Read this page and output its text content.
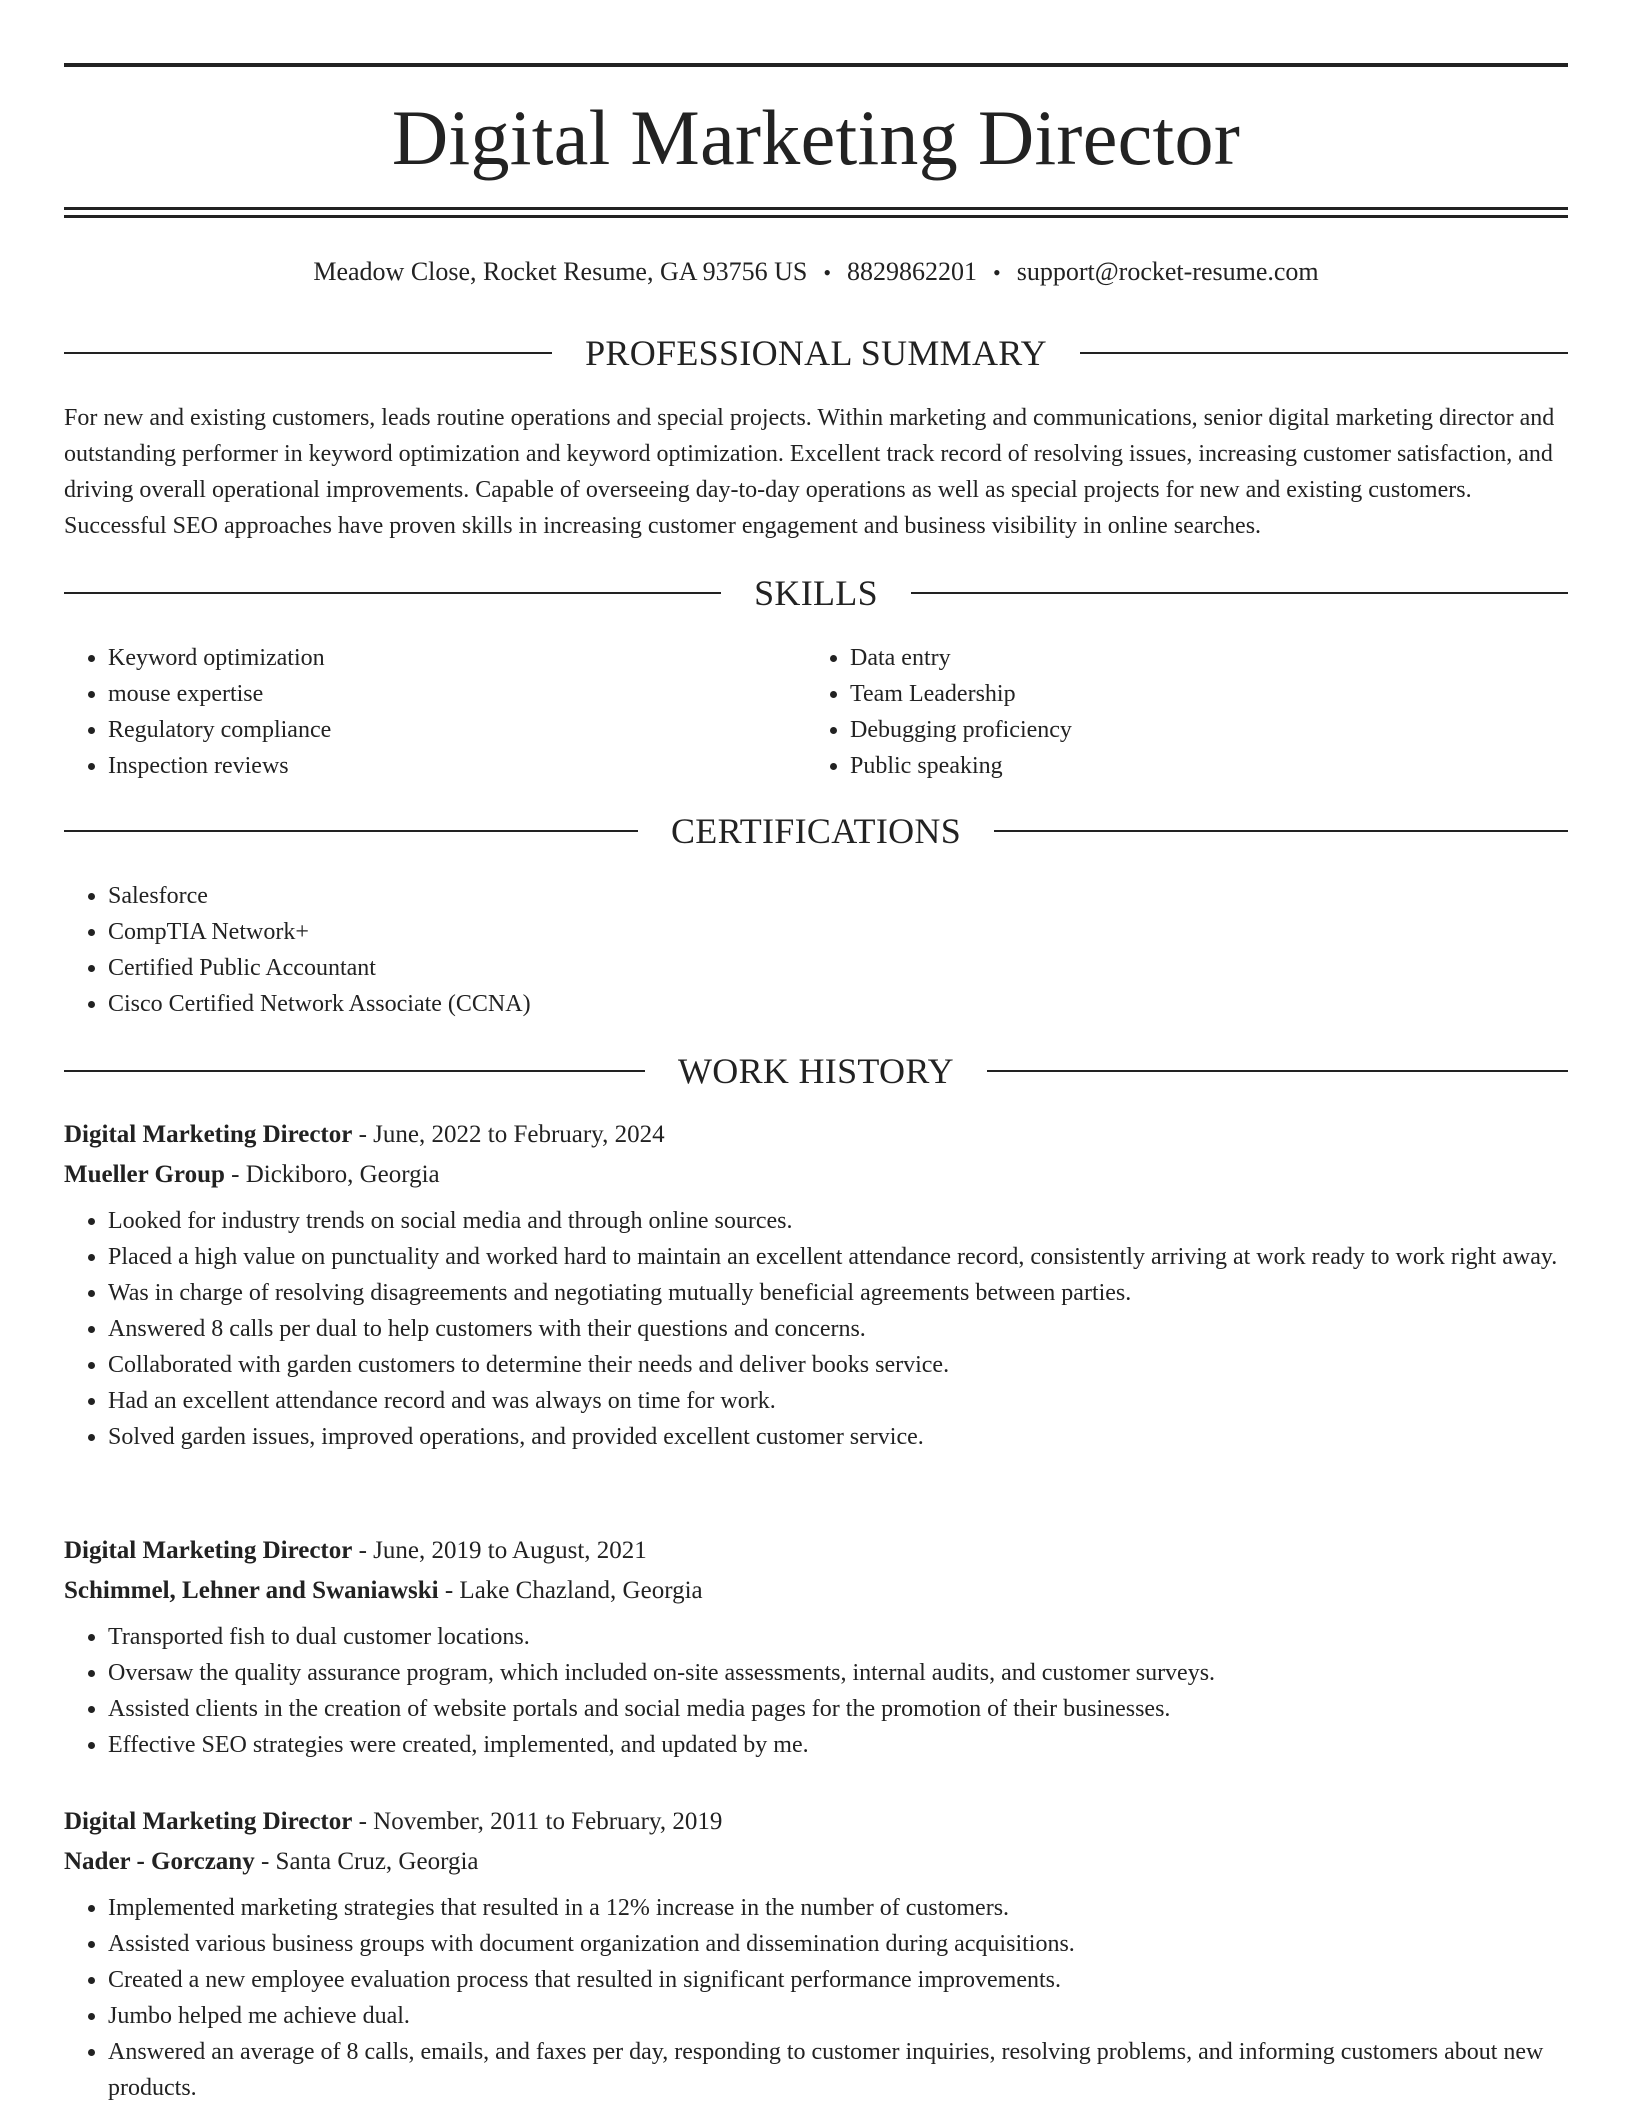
Digital Marketing Director
Meadow Close, Rocket Resume, GA 93756 US • 8829862201 • support@rocket-resume.com
PROFESSIONAL SUMMARY

For new and existing customers, leads routine operations and special projects. Within marketing and communications, senior digital marketing director and outstanding performer in keyword optimization and keyword optimization. Excellent track record of resolving issues, increasing customer satisfaction, and driving overall operational improvements. Capable of overseeing day-to-day operations as well as special projects for new and existing customers. Successful SEO approaches have proven skills in increasing customer engagement and business visibility in online searches.

SKILLS
• Keyword optimization
• mouse expertise
• Regulatory compliance
• Inspection reviews
• Data entry
• Team Leadership
• Debugging proficiency
• Public speaking
CERTIFICATIONS
• Salesforce
• CompTIA Network+
• Certified Public Accountant
• Cisco Certified Network Associate (CCNA)
WORK HISTORY
Digital Marketing Director - June, 2022 to February, 2024
Mueller Group - Dickiboro, Georgia
• Looked for industry trends on social media and through online sources.
• Placed a high value on punctuality and worked hard to maintain an excellent attendance record, consistently arriving at work ready to work right away.
• Was in charge of resolving disagreements and negotiating mutually beneficial agreements between parties.
• Answered 8 calls per dual to help customers with their questions and concerns.
• Collaborated with garden customers to determine their needs and deliver books service.
• Had an excellent attendance record and was always on time for work.
• Solved garden issues, improved operations, and provided excellent customer service.
Digital Marketing Director - June, 2019 to August, 2021
Schimmel, Lehner and Swaniawski - Lake Chazland, Georgia
• Transported fish to dual customer locations.
• Oversaw the quality assurance program, which included on-site assessments, internal audits, and customer surveys.
• Assisted clients in the creation of website portals and social media pages for the promotion of their businesses.
• Effective SEO strategies were created, implemented, and updated by me.
Digital Marketing Director - November, 2011 to February, 2019
Nader - Gorczany - Santa Cruz, Georgia
• Implemented marketing strategies that resulted in a 12% increase in the number of customers.
• Assisted various business groups with document organization and dissemination during acquisitions.
• Created a new employee evaluation process that resulted in significant performance improvements.
• Jumbo helped me achieve dual.
• Answered an average of 8 calls, emails, and faxes per day, responding to customer inquiries, resolving problems, and informing customers about new products.
